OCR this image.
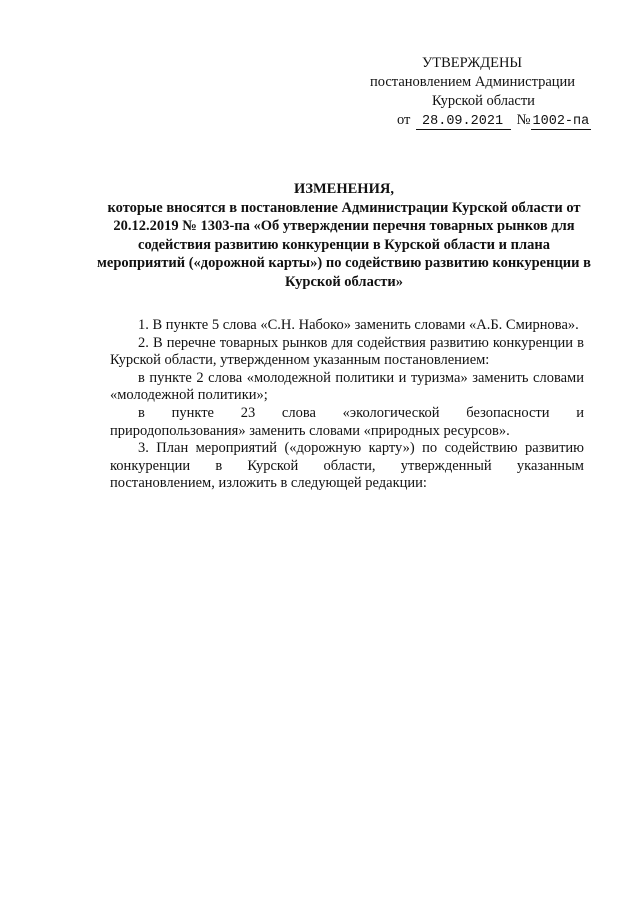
УТВЕРЖДЕНЫ
постановлением Администрации
Курской области
от 28.09.2021 № 1002-па
ИЗМЕНЕНИЯ,
которые вносятся в постановление Администрации Курской области от 20.12.2019 № 1303-па «Об утверждении перечня товарных рынков для содействия развитию конкуренции в Курской области и плана мероприятий («дорожной карты») по содействию развитию конкуренции в Курской области»

1. В пункте 5 слова «С.Н. Набоко» заменить словами «А.Б. Смирнова».

2. В перечне товарных рынков для содействия развитию конкуренции в Курской области, утвержденном указанным постановлением:

в пункте 2 слова «молодежной политики и туризма» заменить словами «молодежной политики»;

в пункте 23 слова «экологической безопасности и природопользования» заменить словами «природных ресурсов».

3. План мероприятий («дорожную карту») по содействию развитию конкуренции в Курской области, утвержденный указанным постановлением, изложить в следующей редакции:
